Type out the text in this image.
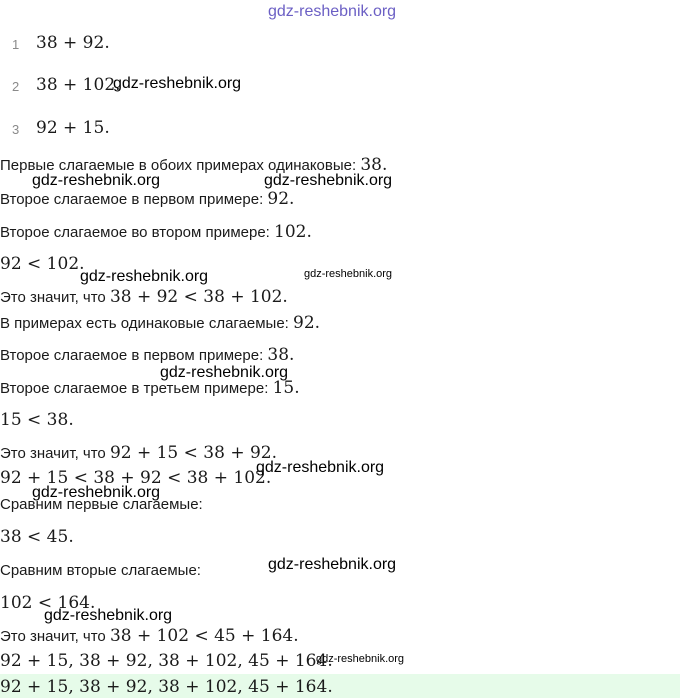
gdz-reshebnik.org
1 38 + 92.
2 38 + 102.
3 92 + 15.
Первые слагаемые в обоих примерах одинаковые: 38.
Второе слагаемое в первом примере: 92.
Второе слагаемое во втором примере: 102.
92 < 102.
Это значит, что 38 + 92 < 38 + 102.
В примерах есть одинаковые слагаемые: 92.
Второе слагаемое в первом примере: 38.
Второе слагаемое в третьем примере: 15.
15 < 38.
Это значит, что 92 + 15 < 38 + 92.
92 + 15 < 38 + 92 < 38 + 102.
Сравним первые слагаемые:
38 < 45.
Сравним вторые слагаемые:
102 < 164.
Это значит, что 38 + 102 < 45 + 164.
92 + 15, 38 + 92, 38 + 102, 45 + 164.
92 + 15, 38 + 92, 38 + 102, 45 + 164.
gdz-reshebnik.org
gdz-reshebnik.org	gdz-reshebnik.org
gdz-reshebnik.org	gdz-reshebnik.org
gdz-reshebnik.org
gdz-reshebnik.org
gdz-reshebnik.org
gdz-reshebnik.org
gdz-reshebnik.org
gdz-reshebnik.org
